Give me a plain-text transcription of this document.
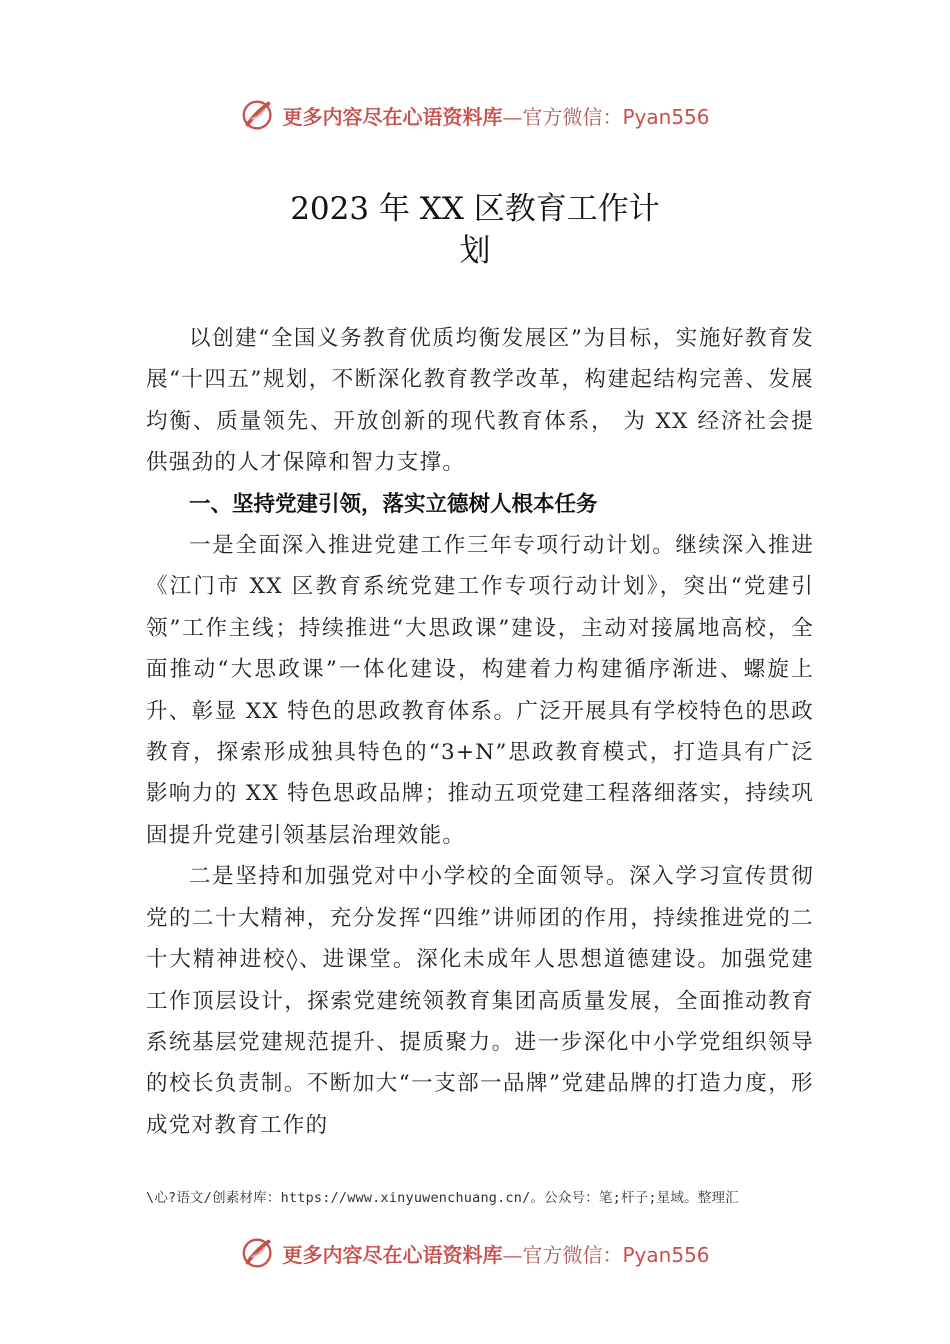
更多内容尽在心语资料库—官方微信：Pyan556
2023 年 XX 区教育工作计
划

以创建“全国义务教育优质均衡发展区”为目标，实施好教育发展“十四五”规划，不断深化教育教学改革，构建起结构完善、发展均衡、质量领先、开放创新的现代教育体系， 为 XX 经济社会提供强劲的人才保障和智力支撑。

一、坚持党建引领，落实立德树人根本任务

一是全面深入推进党建工作三年专项行动计划。继续深入推进《江门市 XX 区教育系统党建工作专项行动计划》，突出“党建引领”工作主线；持续推进“大思政课”建设，主动对接属地高校，全面推动“大思政课”一体化建设，构建着力构建循序渐进、螺旋上升、彰显 XX 特色的思政教育体系。广泛开展具有学校特色的思政教育，探索形成独具特色的“3+N”思政教育模式，打造具有广泛影响力的 XX 特色思政品牌；推动五项党建工程落细落实，持续巩固提升党建引领基层治理效能。

二是坚持和加强党对中小学校的全面领导。深入学习宣传贯彻党的二十大精神，充分发挥“四维”讲师团的作用，持续推进党的二十大精神进校◊、进课堂。深化未成年人思想道德建设。加强党建工作顶层设计，探索党建统领教育集团高质量发展，全面推动教育系统基层党建规范提升、提质聚力。进一步深化中小学党组织领导的校长负责制。不断加大“一支部一品牌”党建品牌的打造力度，形成党对教育工作的

\心?语文/创素材库：https://www.xinyuwenchuang.cn/。公众号：笔;杆子;星域。整理汇
更多内容尽在心语资料库—官方微信：Pyan556
